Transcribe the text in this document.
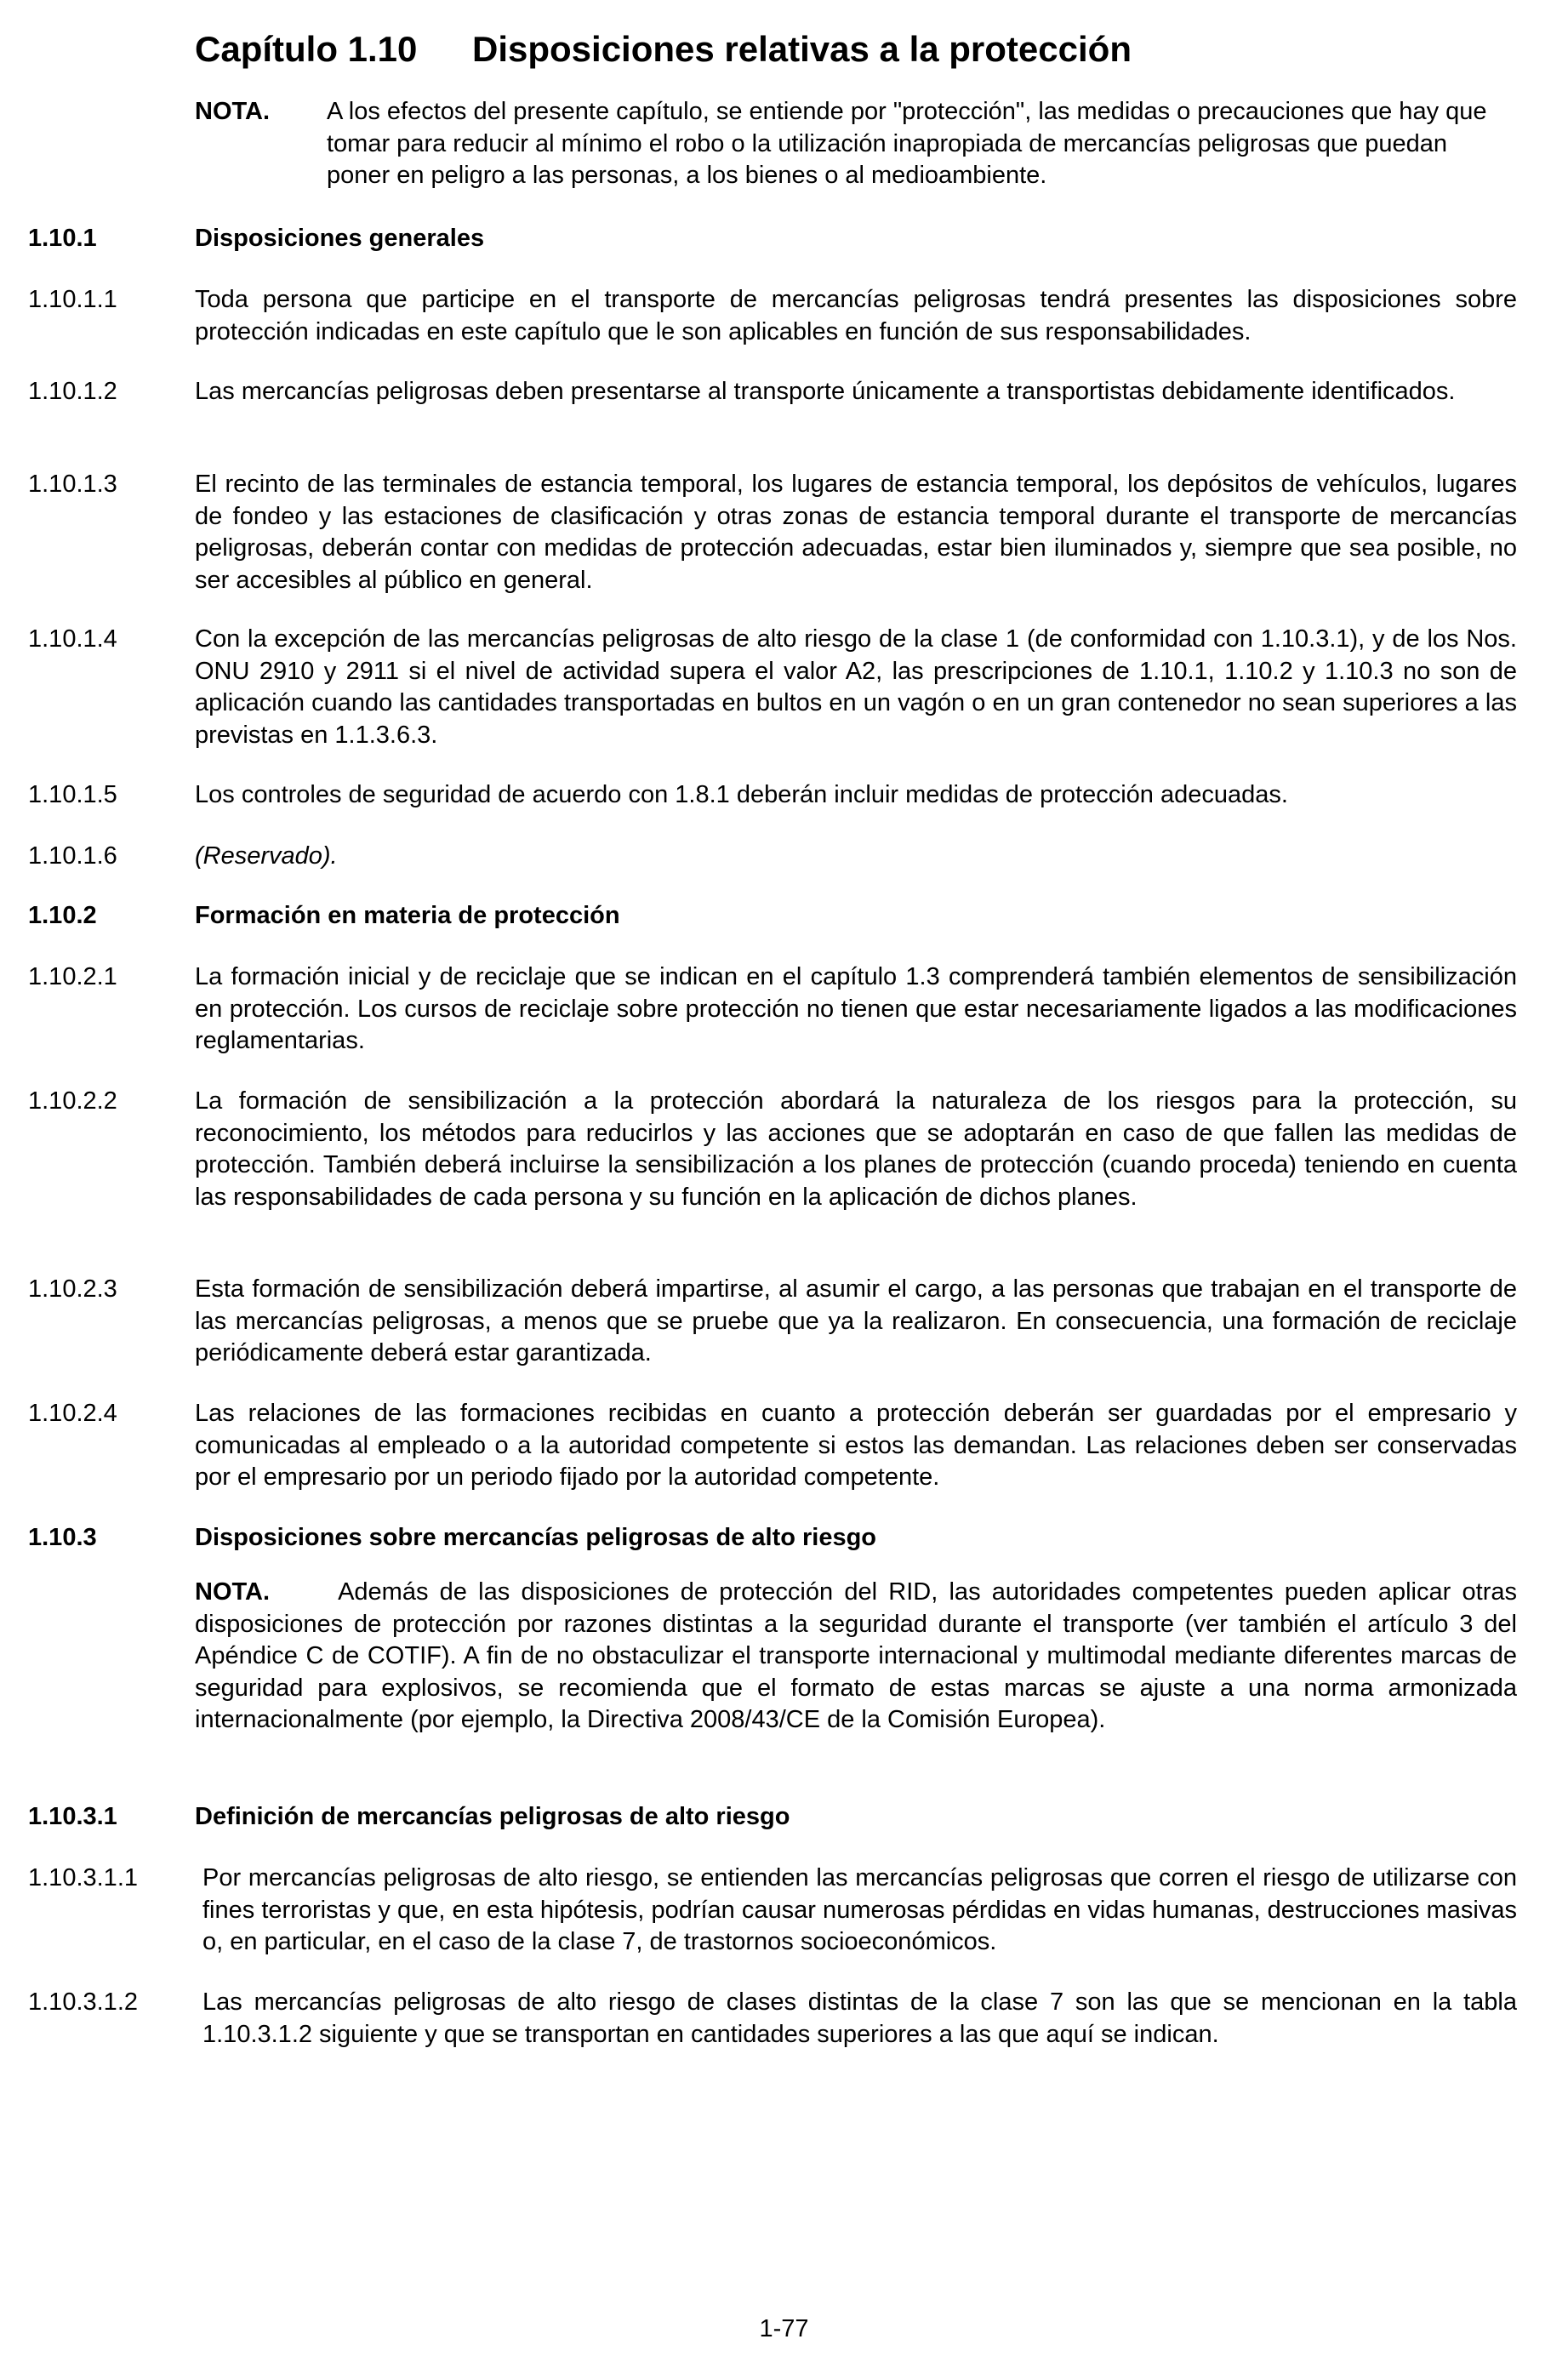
Capítulo 1.10 Disposiciones relativas a la protección
NOTA. A los efectos del presente capítulo, se entiende por "protección", las medidas o precauciones que hay que tomar para reducir al mínimo el robo o la utilización inapropiada de mercancías peligrosas que puedan poner en peligro a las personas, a los bienes o al medioambiente.
1.10.1	Disposiciones generales
1.10.1.1	Toda persona que participe en el transporte de mercancías peligrosas tendrá presentes las disposiciones sobre protección indicadas en este capítulo que le son aplicables en función de sus responsabilidades.
1.10.1.2	Las mercancías peligrosas deben presentarse al transporte únicamente a transportistas debidamente identificados.
1.10.1.3	El recinto de las terminales de estancia temporal, los lugares de estancia temporal, los depósitos de vehículos, lugares de fondeo y las estaciones de clasificación y otras zonas de estancia temporal durante el transporte de mercancías peligrosas, deberán contar con medidas de protección adecuadas, estar bien iluminados y, siempre que sea posible, no ser accesibles al público en general.
1.10.1.4	Con la excepción de las mercancías peligrosas de alto riesgo de la clase 1 (de conformidad con 1.10.3.1), y de los Nos. ONU 2910 y 2911 si el nivel de actividad supera el valor A2, las prescripciones de 1.10.1, 1.10.2 y 1.10.3 no son de aplicación cuando las cantidades transportadas en bultos en un vagón o en un gran contenedor no sean superiores a las previstas en 1.1.3.6.3.
1.10.1.5	Los controles de seguridad de acuerdo con 1.8.1 deberán incluir medidas de protección adecuadas.
1.10.1.6	(Reservado).
1.10.2	Formación en materia de protección
1.10.2.1	La formación inicial y de reciclaje que se indican en el capítulo 1.3 comprenderá también elementos de sensibilización en protección. Los cursos de reciclaje sobre protección no tienen que estar necesariamente ligados a las modificaciones reglamentarias.
1.10.2.2	La formación de sensibilización a la protección abordará la naturaleza de los riesgos para la protección, su reconocimiento, los métodos para reducirlos y las acciones que se adoptarán en caso de que fallen las medidas de protección. También deberá incluirse la sensibilización a los planes de protección (cuando proceda) teniendo en cuenta las responsabilidades de cada persona y su función en la aplicación de dichos planes.
1.10.2.3	Esta formación de sensibilización deberá impartirse, al asumir el cargo, a las personas que trabajan en el transporte de las mercancías peligrosas, a menos que se pruebe que ya la realizaron. En consecuencia, una formación de reciclaje periódicamente deberá estar garantizada.
1.10.2.4	Las relaciones de las formaciones recibidas en cuanto a protección deberán ser guardadas por el empresario y comunicadas al empleado o a la autoridad competente si estos las demandan. Las relaciones deben ser conservadas por el empresario por un periodo fijado por la autoridad competente.
1.10.3	Disposiciones sobre mercancías peligrosas de alto riesgo
NOTA.	Además de las disposiciones de protección del RID, las autoridades competentes pueden aplicar otras disposiciones de protección por razones distintas a la seguridad durante el transporte (ver también el artículo 3 del Apéndice C de COTIF). A fin de no obstaculizar el transporte internacional y multimodal mediante diferentes marcas de seguridad para explosivos, se recomienda que el formato de estas marcas se ajuste a una norma armonizada internacionalmente (por ejemplo, la Directiva 2008/43/CE de la Comisión Europea).
1.10.3.1	Definición de mercancías peligrosas de alto riesgo
1.10.3.1.1	Por mercancías peligrosas de alto riesgo, se entienden las mercancías peligrosas que corren el riesgo de utilizarse con fines terroristas y que, en esta hipótesis, podrían causar numerosas pérdidas en vidas humanas, destrucciones masivas o, en particular, en el caso de la clase 7, de trastornos socioeconómicos.
1.10.3.1.2	Las mercancías peligrosas de alto riesgo de clases distintas de la clase 7 son las que se mencionan en la tabla 1.10.3.1.2 siguiente y que se transportan en cantidades superiores a las que aquí se indican.
1-77
